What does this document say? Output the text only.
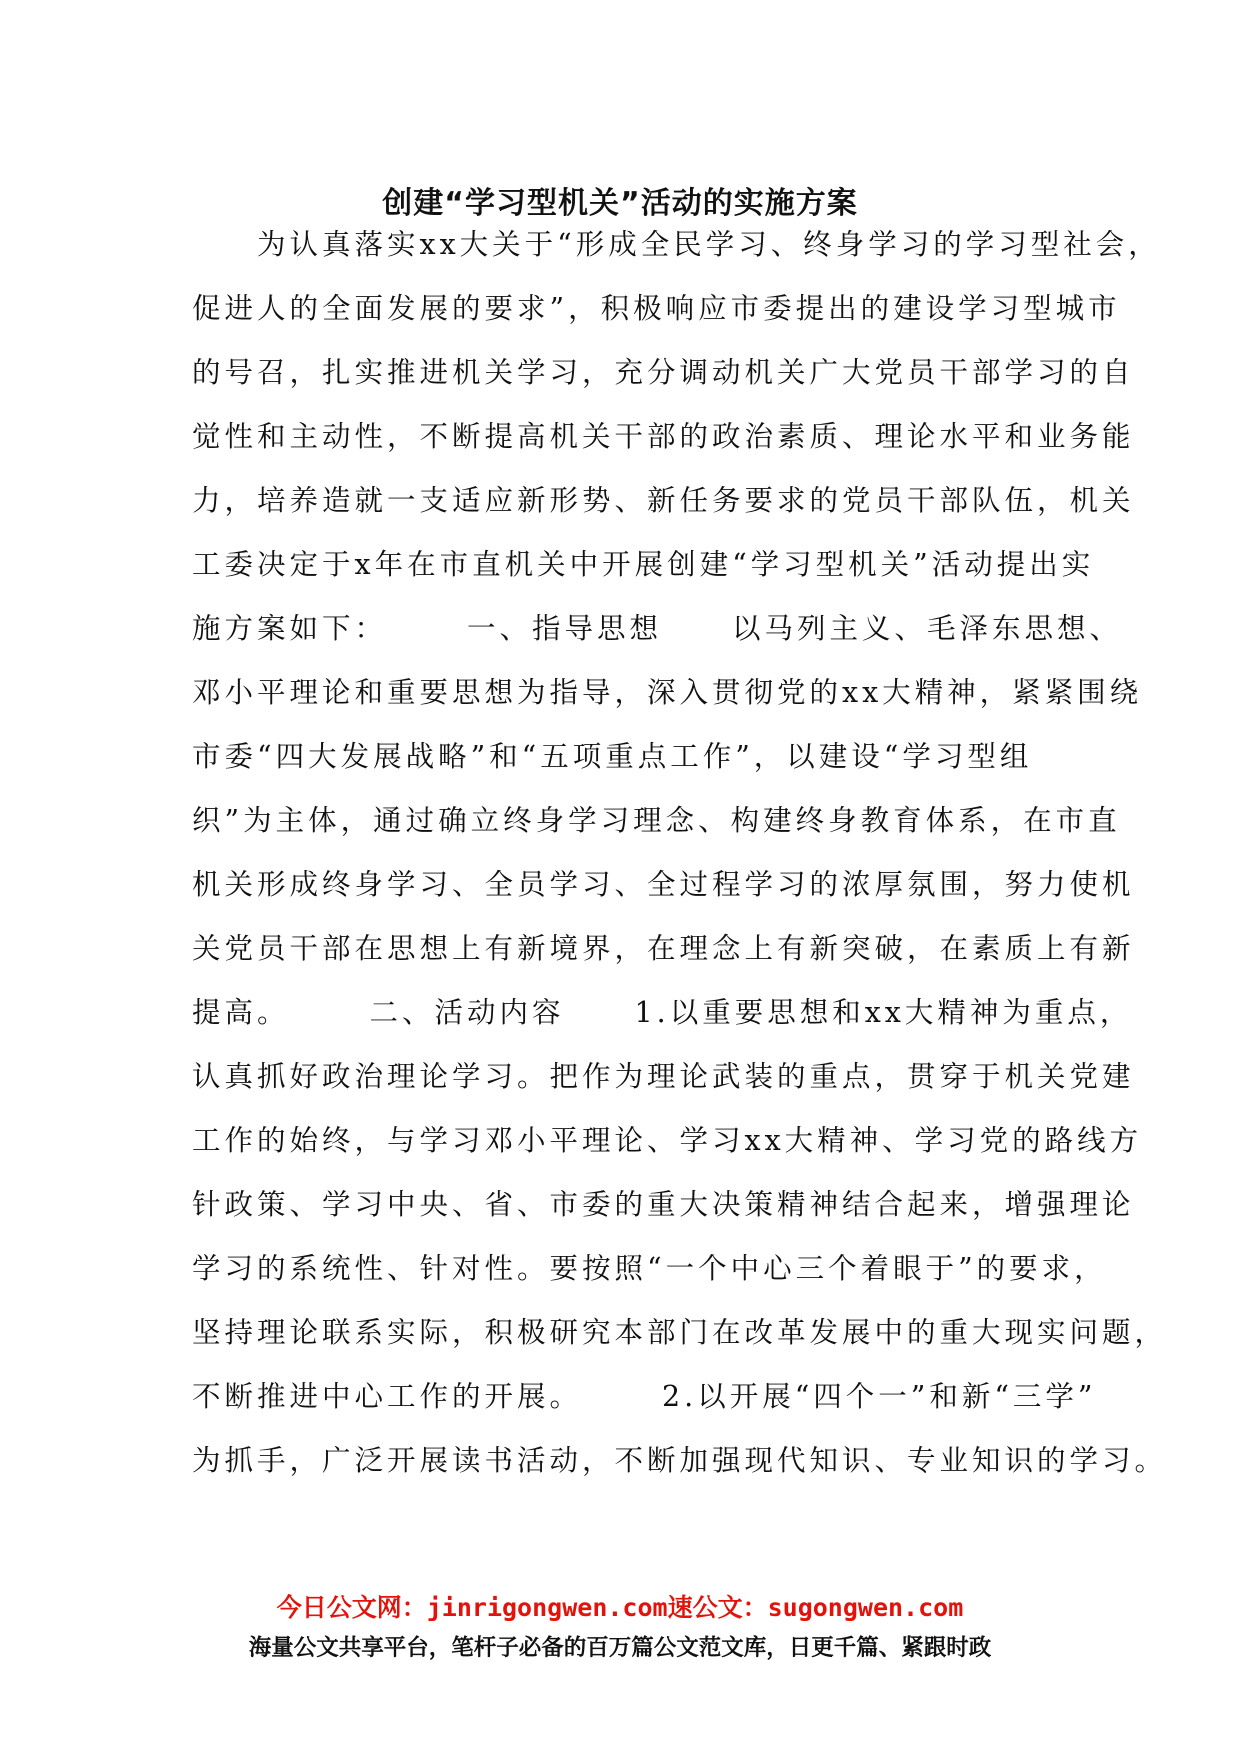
创建“学习型机关”活动的实施方案
　　为认真落实xx大关于“形成全民学习、终身学习的学习型社会，
促进人的全面发展的要求”，积极响应市委提出的建设学习型城市
的号召，扎实推进机关学习，充分调动机关广大党员干部学习的自
觉性和主动性，不断提高机关干部的政治素质、理论水平和业务能
力，培养造就一支适应新形势、新任务要求的党员干部队伍，机关
工委决定于x年在市直机关中开展创建“学习型机关”活动提出实
施方案如下：	一、指导思想 以马列主义、毛泽东思想、
邓小平理论和重要思想为指导，深入贯彻党的xx大精神，紧紧围绕
市委“四大发展战略”和“五项重点工作”，以建设“学习型组
织”为主体，通过确立终身学习理念、构建终身教育体系，在市直
机关形成终身学习、全员学习、全过程学习的浓厚氛围，努力使机
关党员干部在思想上有新境界，在理念上有新突破，在素质上有新
提高。	二、活动内容 1.以重要思想和xx大精神为重点，
认真抓好政治理论学习。把作为理论武装的重点，贯穿于机关党建
工作的始终，与学习邓小平理论、学习xx大精神、学习党的路线方
针政策、学习中央、省、市委的重大决策精神结合起来，增强理论
学习的系统性、针对性。要按照“一个中心三个着眼于”的要求，
坚持理论联系实际，积极研究本部门在改革发展中的重大现实问题，
不断推进中心工作的开展。	2.以开展“四个一”和新“三学”
为抓手，广泛开展读书活动，不断加强现代知识、专业知识的学习。
今日公文网：jinrigongwen.com速公文：sugongwen.com
海量公文共享平台，笔杆子必备的百万篇公文范文库，日更千篇、紧跟时政
